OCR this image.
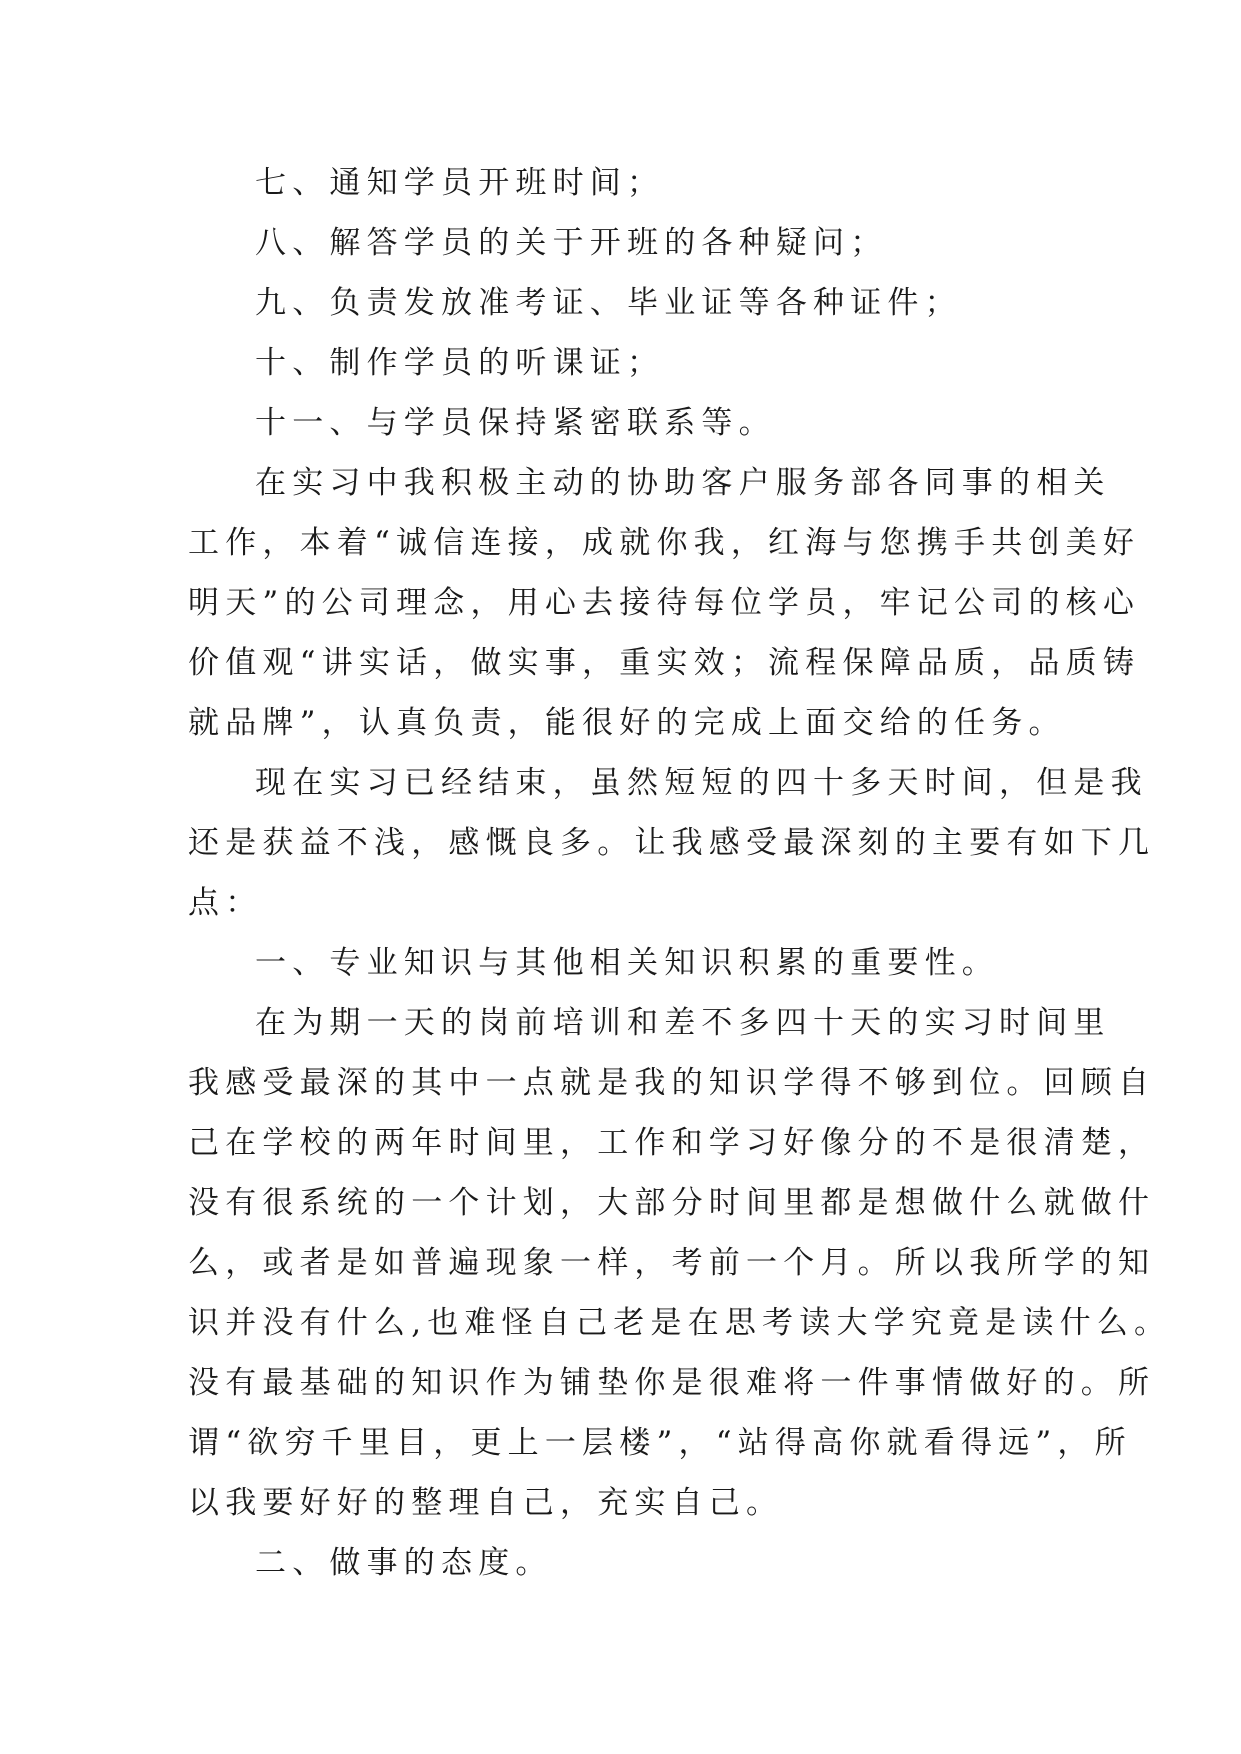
七、通知学员开班时间；
八、解答学员的关于开班的各种疑问；
九、负责发放准考证、毕业证等各种证件；
十、制作学员的听课证；
十一、与学员保持紧密联系等。
在实习中我积极主动的协助客户服务部各同事的相关
工作，本着“诚信连接，成就你我，红海与您携手共创美好
明天”的公司理念，用心去接待每位学员，牢记公司的核心
价值观“讲实话，做实事，重实效；流程保障品质，品质铸
就品牌”，认真负责，能很好的完成上面交给的任务。
现在实习已经结束，虽然短短的四十多天时间，但是我
还是获益不浅，感慨良多。让我感受最深刻的主要有如下几
点：
一、专业知识与其他相关知识积累的重要性。
在为期一天的岗前培训和差不多四十天的实习时间里
我感受最深的其中一点就是我的知识学得不够到位。回顾自
己在学校的两年时间里，工作和学习好像分的不是很清楚，
没有很系统的一个计划，大部分时间里都是想做什么就做什
么，或者是如普遍现象一样，考前一个月。所以我所学的知
识并没有什么,也难怪自己老是在思考读大学究竟是读什么。
没有最基础的知识作为铺垫你是很难将一件事情做好的。所
谓“欲穷千里目，更上一层楼”，“站得高你就看得远”，所
以我要好好的整理自己，充实自己。
二、做事的态度。
